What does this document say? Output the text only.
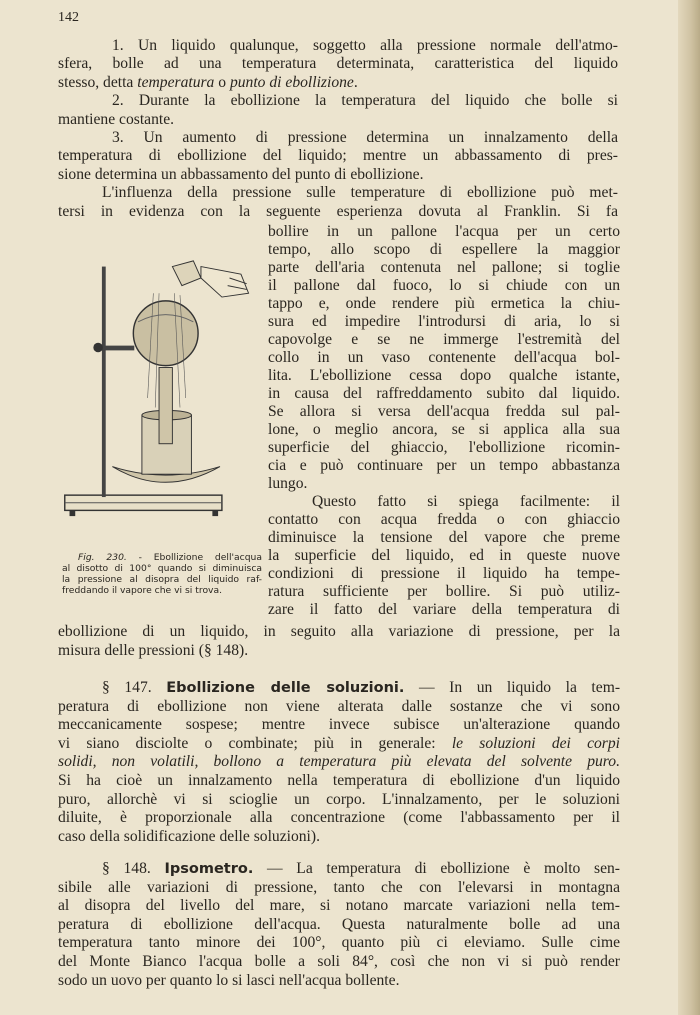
142
1. Un liquido qualunque, soggetto alla pressione normale dell'atmo-
sfera, bolle ad una temperatura determinata, caratteristica del liquido
stesso, detta temperatura o punto di ebollizione.
2. Durante la ebollizione la temperatura del liquido che bolle si
mantiene costante.
3. Un aumento di pressione determina un innalzamento della
temperatura di ebollizione del liquido; mentre un abbassamento di pres-
sione determina un abbassamento del punto di ebollizione.
L'influenza della pressione sulle temperature di ebollizione può met-
tersi in evidenza con la seguente esperienza dovuta al Franklin. Si fa
bollire in un pallone l'acqua per un certo
tempo, allo scopo di espellere la maggior
parte dell'aria contenuta nel pallone; si toglie
il pallone dal fuoco, lo si chiude con un
tappo e, onde rendere più ermetica la chiu-
sura ed impedire l'introdursi di aria, lo si
capovolge e se ne immerge l'estremità del
collo in un vaso contenente dell'acqua bol-
lita. L'ebollizione cessa dopo qualche istante,
in causa del raffreddamento subito dal liquido.
Se allora si versa dell'acqua fredda sul pal-
lone, o meglio ancora, se si applica alla sua
superficie del ghiaccio, l'ebollizione ricomin-
cia e può continuare per un tempo abbastanza
lungo.
Questo fatto si spiega facilmente: il
contatto con acqua fredda o con ghiaccio
diminuisce la tensione del vapore che preme
la superficie del liquido, ed in queste nuove
condizioni di pressione il liquido ha tempe-
ratura sufficiente per bollire. Si può utiliz-
zare il fatto del variare della temperatura di
Fig. 230. - Ebollizione dell'acqua
al disotto di 100° quando si diminuisca
la pressione al disopra del liquido raf-
freddando il vapore che vi si trova.
ebollizione di un liquido, in seguito alla variazione di pressione, per la
misura delle pressioni (§ 148).
§ 147. Ebollizione delle soluzioni. — In un liquido la tem-
peratura di ebollizione non viene alterata dalle sostanze che vi sono
meccanicamente sospese; mentre invece subisce un'alterazione quando
vi siano disciolte o combinate; più in generale: le soluzioni dei corpi
solidi, non volatili, bollono a temperatura più elevata del solvente puro.
Si ha cioè un innalzamento nella temperatura di ebollizione d'un liquido
puro, allorchè vi si scioglie un corpo. L'innalzamento, per le soluzioni
diluite, è proporzionale alla concentrazione (come l'abbassamento per il
caso della solidificazione delle soluzioni).
§ 148. Ipsometro. — La temperatura di ebollizione è molto sen-
sibile alle variazioni di pressione, tanto che con l'elevarsi in montagna
al disopra del livello del mare, si notano marcate variazioni nella tem-
peratura di ebollizione dell'acqua. Questa naturalmente bolle ad una
temperatura tanto minore dei 100°, quanto più ci eleviamo. Sulle cime
del Monte Bianco l'acqua bolle a soli 84°, così che non vi si può render
sodo un uovo per quanto lo si lasci nell'acqua bollente.
